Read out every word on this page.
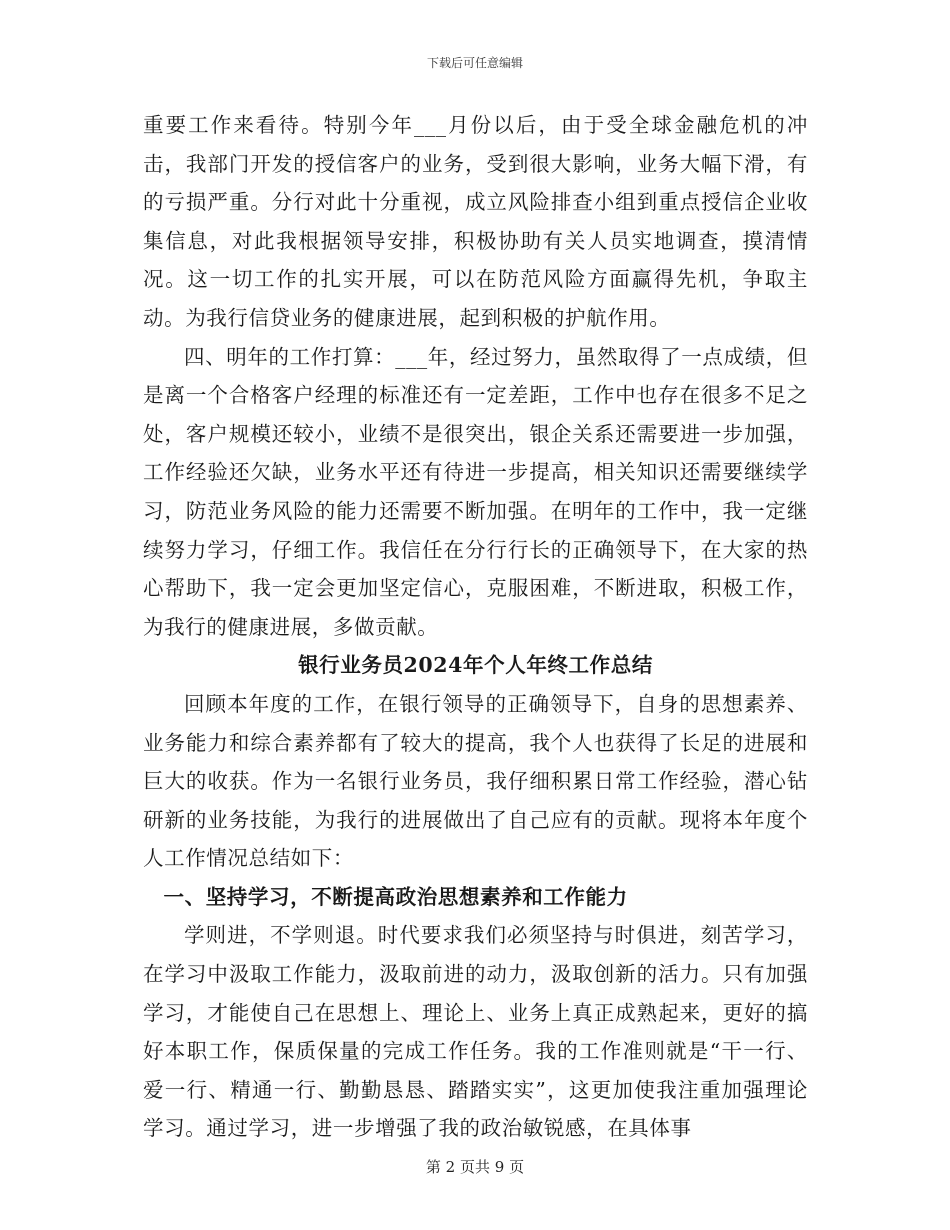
下载后可任意编辑

重要工作来看待。特别今年___月份以后，由于受全球金融危机的冲击，我部门开发的授信客户的业务，受到很大影响，业务大幅下滑，有的亏损严重。分行对此十分重视，成立风险排查小组到重点授信企业收集信息，对此我根据领导安排，积极协助有关人员实地调查，摸清情况。这一切工作的扎实开展，可以在防范风险方面赢得先机，争取主动。为我行信贷业务的健康进展，起到积极的护航作用。

四、明年的工作打算：___年，经过努力，虽然取得了一点成绩，但是离一个合格客户经理的标准还有一定差距，工作中也存在很多不足之处，客户规模还较小，业绩不是很突出，银企关系还需要进一步加强，工作经验还欠缺，业务水平还有待进一步提高，相关知识还需要继续学习，防范业务风险的能力还需要不断加强。在明年的工作中，我一定继续努力学习，仔细工作。我信任在分行行长的正确领导下，在大家的热心帮助下，我一定会更加坚定信心，克服困难，不断进取，积极工作，为我行的健康进展，多做贡献。

银行业务员2024年个人年终工作总结

回顾本年度的工作，在银行领导的正确领导下，自身的思想素养、业务能力和综合素养都有了较大的提高，我个人也获得了长足的进展和巨大的收获。作为一名银行业务员，我仔细积累日常工作经验，潜心钻研新的业务技能，为我行的进展做出了自己应有的贡献。现将本年度个人工作情况总结如下：

一、坚持学习，不断提高政治思想素养和工作能力

学则进，不学则退。时代要求我们必须坚持与时俱进，刻苦学习，在学习中汲取工作能力，汲取前进的动力，汲取创新的活力。只有加强学习，才能使自己在思想上、理论上、业务上真正成熟起来，更好的搞好本职工作，保质保量的完成工作任务。我的工作准则就是“干一行、爱一行、精通一行、勤勤恳恳、踏踏实实”，这更加使我注重加强理论学习。通过学习，进一步增强了我的政治敏锐感，在具体事

第 2 页共 9 页
